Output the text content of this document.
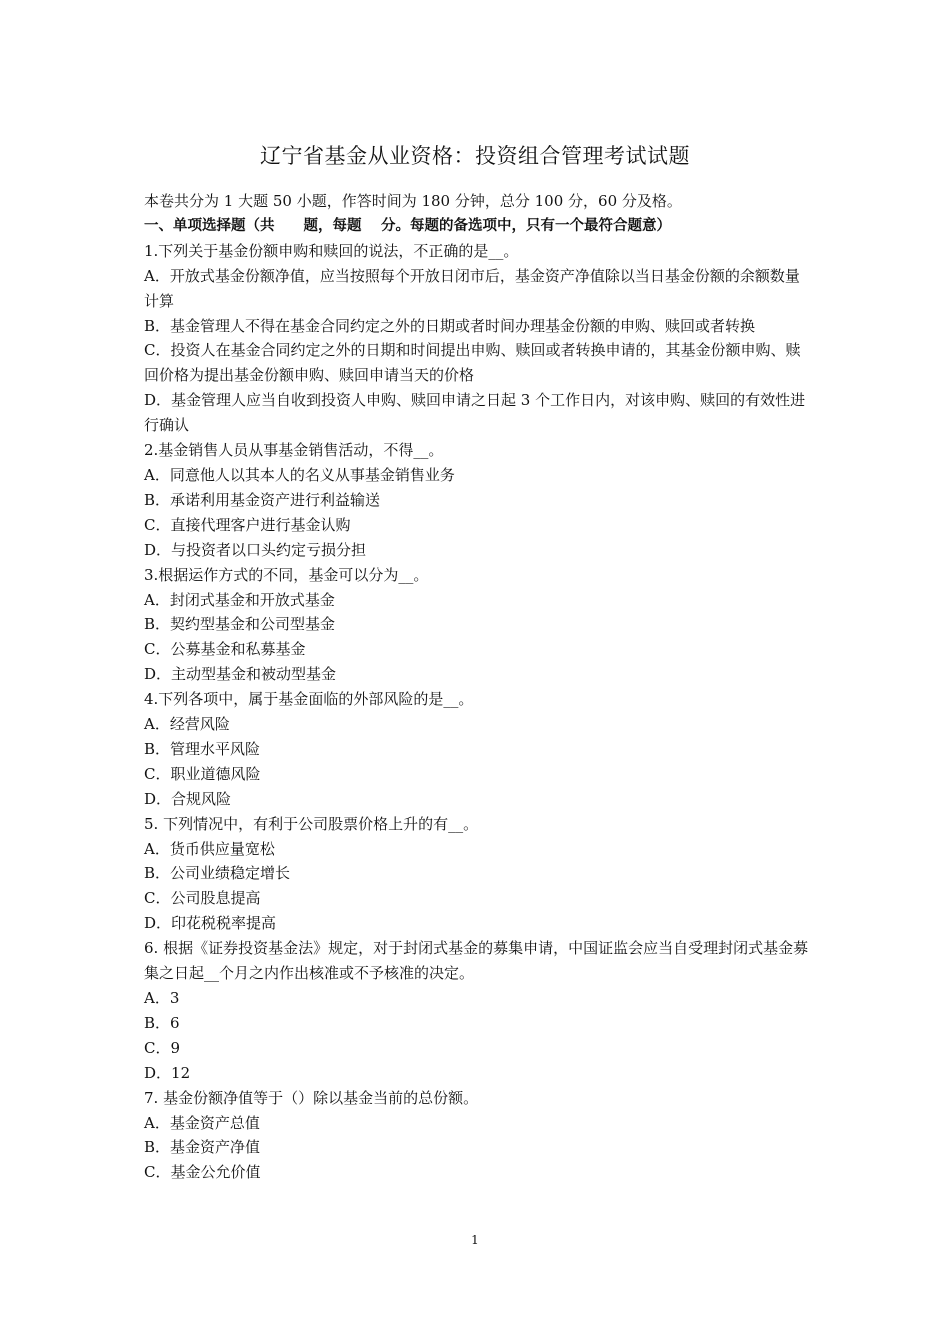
辽宁省基金从业资格：投资组合管理考试试题
本卷共分为 1 大题 50 小题，作答时间为 180 分钟，总分 100 分，60 分及格。
一、单项选择题（共　　题，每题　 分。每题的备选项中，只有一个最符合题意）
1.下列关于基金份额申购和赎回的说法，不正确的是__。
A．开放式基金份额净值，应当按照每个开放日闭市后，基金资产净值除以当日基金份额的余额数量计算
B．基金管理人不得在基金合同约定之外的日期或者时间办理基金份额的申购、赎回或者转换
C．投资人在基金合同约定之外的日期和时间提出申购、赎回或者转换申请的，其基金份额申购、赎回价格为提出基金份额申购、赎回申请当天的价格
D．基金管理人应当自收到投资人申购、赎回申请之日起 3 个工作日内，对该申购、赎回的有效性进行确认
2.基金销售人员从事基金销售活动，不得__。
A．同意他人以其本人的名义从事基金销售业务
B．承诺利用基金资产进行利益输送
C．直接代理客户进行基金认购
D．与投资者以口头约定亏损分担
3.根据运作方式的不同，基金可以分为__。
A．封闭式基金和开放式基金
B．契约型基金和公司型基金
C．公募基金和私募基金
D．主动型基金和被动型基金
4.下列各项中，属于基金面临的外部风险的是__。
A．经营风险
B．管理水平风险
C．职业道德风险
D．合规风险
5. 下列情况中，有利于公司股票价格上升的有__。
A．货币供应量宽松
B．公司业绩稳定增长
C．公司股息提高
D．印花税税率提高
6. 根据《证券投资基金法》规定，对于封闭式基金的募集申请，中国证监会应当自受理封闭式基金募集之日起__个月之内作出核准或不予核准的决定。
A．3
B．6
C．9
D．12
7. 基金份额净值等于（）除以基金当前的总份额。
A．基金资产总值
B．基金资产净值
C．基金公允价值
1
